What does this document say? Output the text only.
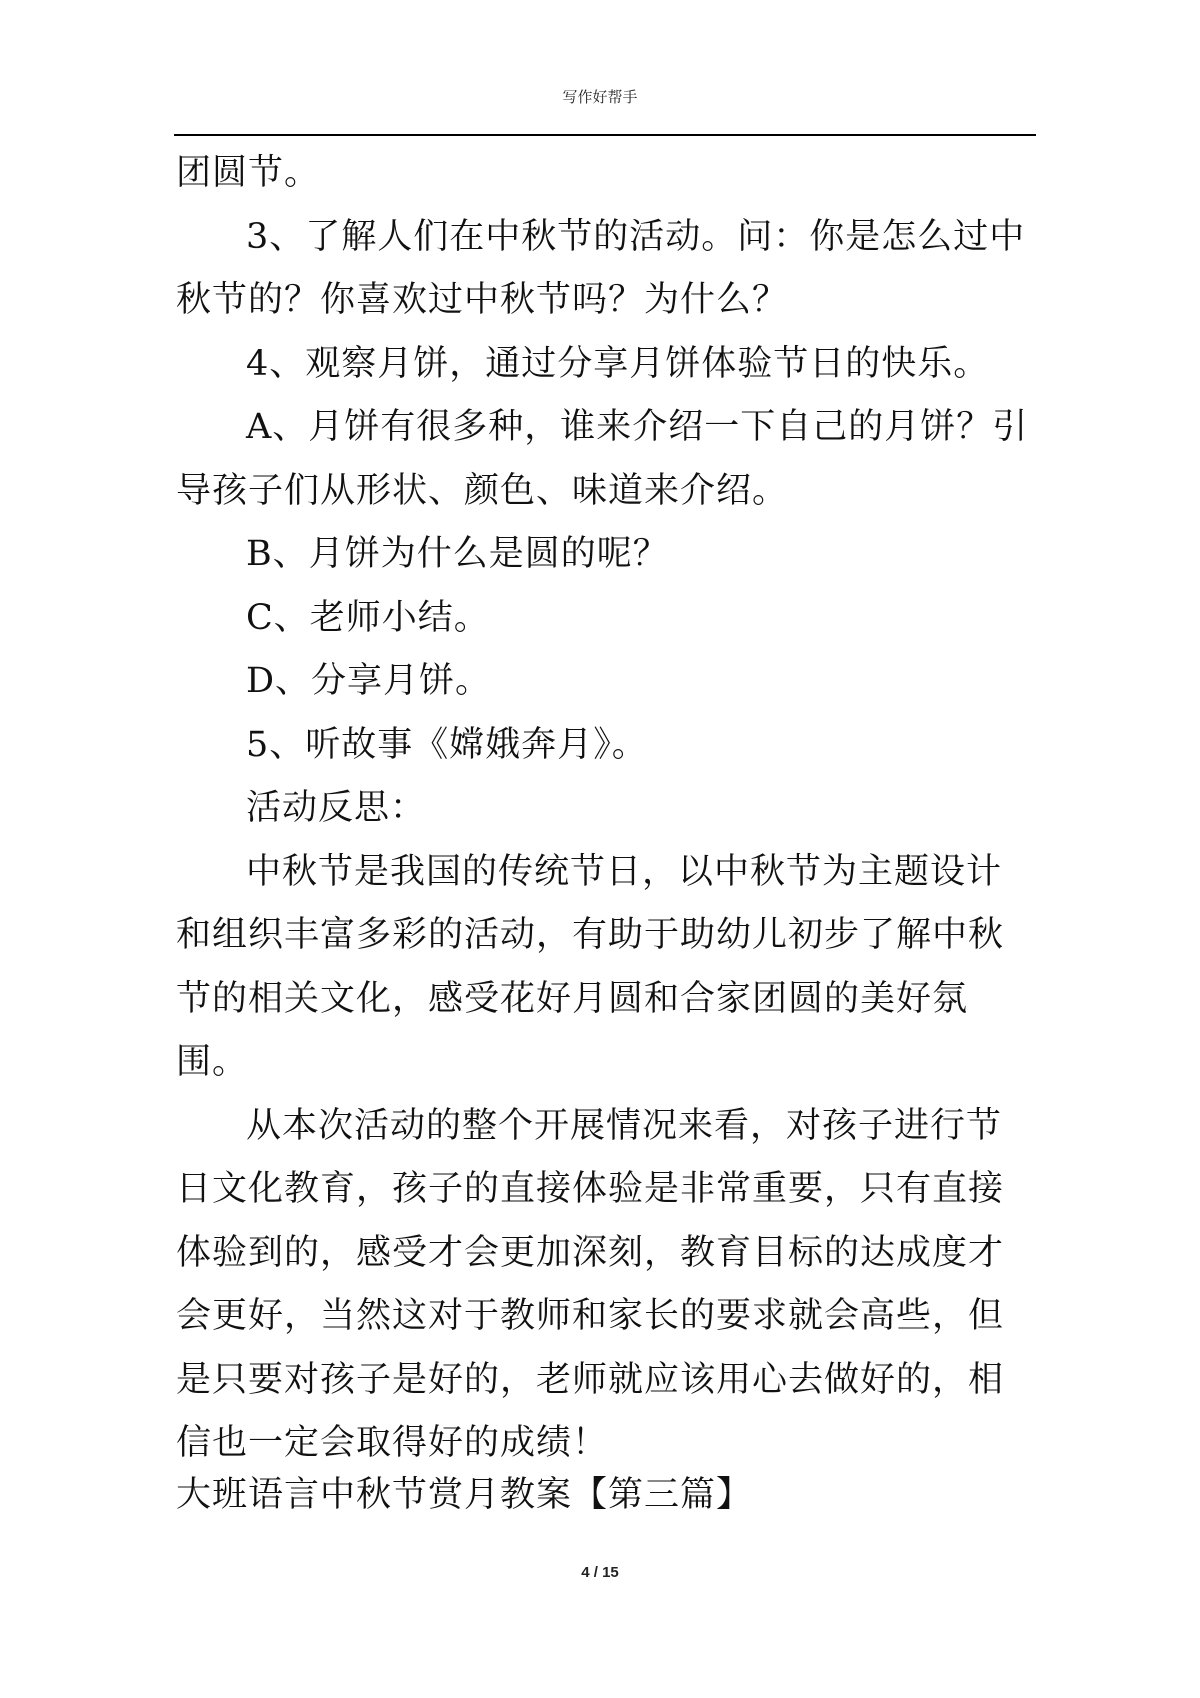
写作好帮手

团圆节。

3、了解人们在中秋节的活动。问：你是怎么过中秋节的？你喜欢过中秋节吗？为什么？

4、观察月饼，通过分享月饼体验节日的快乐。

A、月饼有很多种，谁来介绍一下自己的月饼？引导孩子们从形状、颜色、味道来介绍。

B、月饼为什么是圆的呢？

C、老师小结。

D、分享月饼。

5、听故事《嫦娥奔月》。

活动反思：

中秋节是我国的传统节日，以中秋节为主题设计和组织丰富多彩的活动，有助于助幼儿初步了解中秋节的相关文化，感受花好月圆和合家团圆的美好氛围。

从本次活动的整个开展情况来看，对孩子进行节日文化教育，孩子的直接体验是非常重要，只有直接体验到的，感受才会更加深刻，教育目标的达成度才会更好，当然这对于教师和家长的要求就会高些，但是只要对孩子是好的，老师就应该用心去做好的，相信也一定会取得好的成绩！

大班语言中秋节赏月教案【第三篇】
4 / 15
